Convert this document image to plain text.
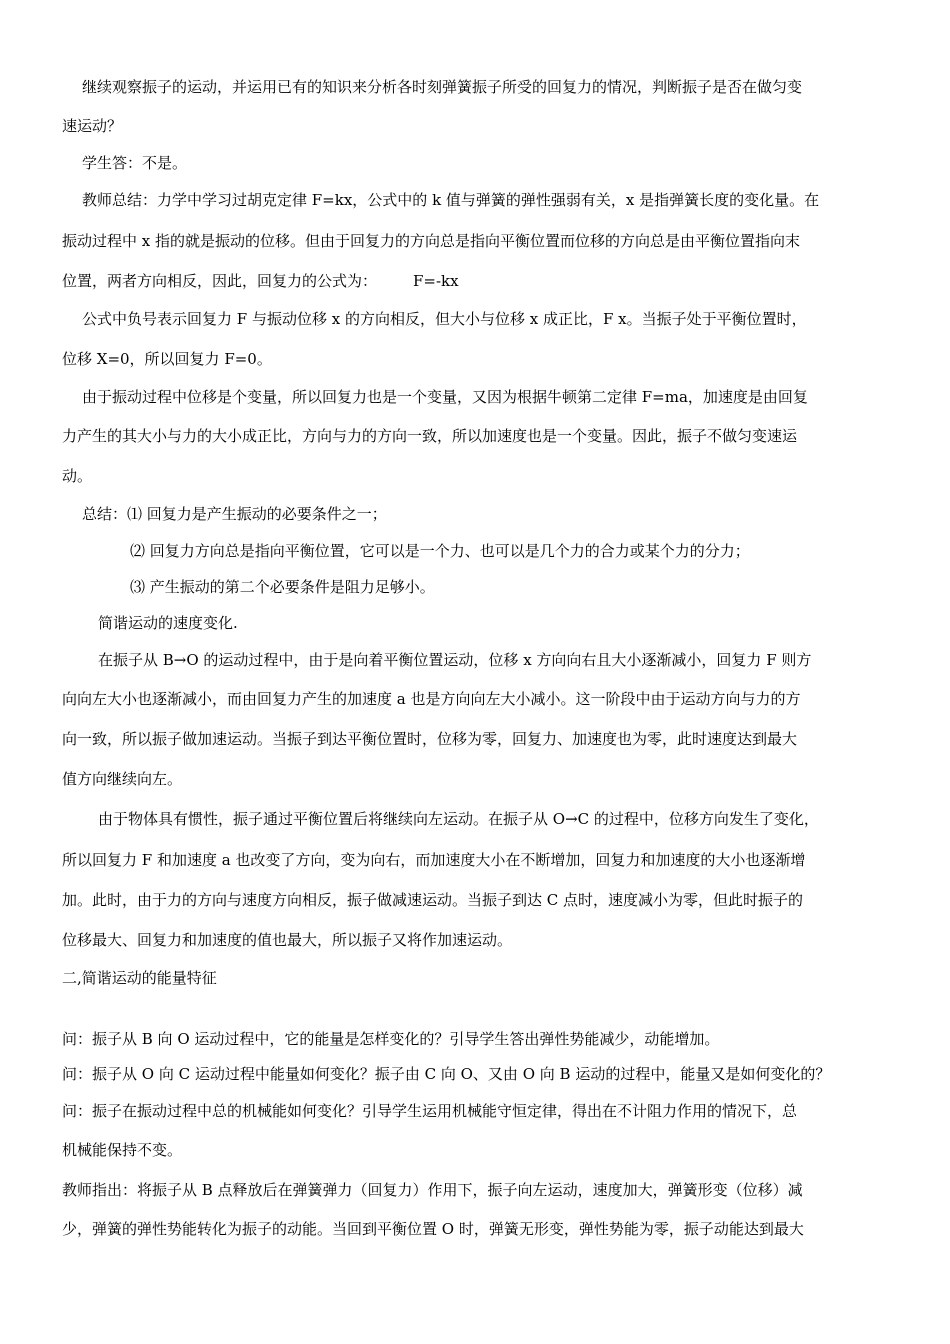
继续观察振子的运动，并运用已有的知识来分析各时刻弹簧振子所受的回复力的情况，判断振子是否在做匀变
速运动？
学生答：不是。
教师总结：力学中学习过胡克定律 F=kx，公式中的 k 值与弹簧的弹性强弱有关，x 是指弹簧长度的变化量。在
振动过程中 x 指的就是振动的位移。但由于回复力的方向总是指向平衡位置而位移的方向总是由平衡位置指向末
位置，两者方向相反，因此，回复力的公式为： F=-kx
公式中负号表示回复力 F 与振动位移 x 的方向相反，但大小与位移 x 成正比，F x。当振子处于平衡位置时，
位移 X=0，所以回复力 F=0。
由于振动过程中位移是个变量，所以回复力也是一个变量，又因为根据牛顿第二定律 F=ma，加速度是由回复
力产生的其大小与力的大小成正比，方向与力的方向一致，所以加速度也是一个变量。因此，振子不做匀变速运
动。
总结：⑴ 回复力是产生振动的必要条件之一；
⑵ 回复力方向总是指向平衡位置，它可以是一个力、也可以是几个力的合力或某个力的分力；
⑶ 产生振动的第二个必要条件是阻力足够小。
简谐运动的速度变化.
在振子从 B→O 的运动过程中，由于是向着平衡位置运动，位移 x 方向向右且大小逐渐减小，回复力 F 则方
向向左大小也逐渐减小，而由回复力产生的加速度 a 也是方向向左大小减小。这一阶段中由于运动方向与力的方
向一致，所以振子做加速运动。当振子到达平衡位置时，位移为零，回复力、加速度也为零，此时速度达到最大
值方向继续向左。
由于物体具有惯性，振子通过平衡位置后将继续向左运动。在振子从 O→C 的过程中，位移方向发生了变化，
所以回复力 F 和加速度 a 也改变了方向，变为向右，而加速度大小在不断增加，回复力和加速度的大小也逐渐增
加。此时，由于力的方向与速度方向相反，振子做减速运动。当振子到达 C 点时，速度减小为零，但此时振子的
位移最大、回复力和加速度的值也最大，所以振子又将作加速运动。
二,简谐运动的能量特征
问：振子从 B 向 O 运动过程中，它的能量是怎样变化的？引导学生答出弹性势能减少，动能增加。
问：振子从 O 向 C 运动过程中能量如何变化？振子由 C 向 O、又由 O 向 B 运动的过程中，能量又是如何变化的？
问：振子在振动过程中总的机械能如何变化？引导学生运用机械能守恒定律，得出在不计阻力作用的情况下，总
机械能保持不变。
教师指出：将振子从 B 点释放后在弹簧弹力（回复力）作用下，振子向左运动，速度加大，弹簧形变（位移）减
少，弹簧的弹性势能转化为振子的动能。当回到平衡位置 O 时，弹簧无形变，弹性势能为零，振子动能达到最大
